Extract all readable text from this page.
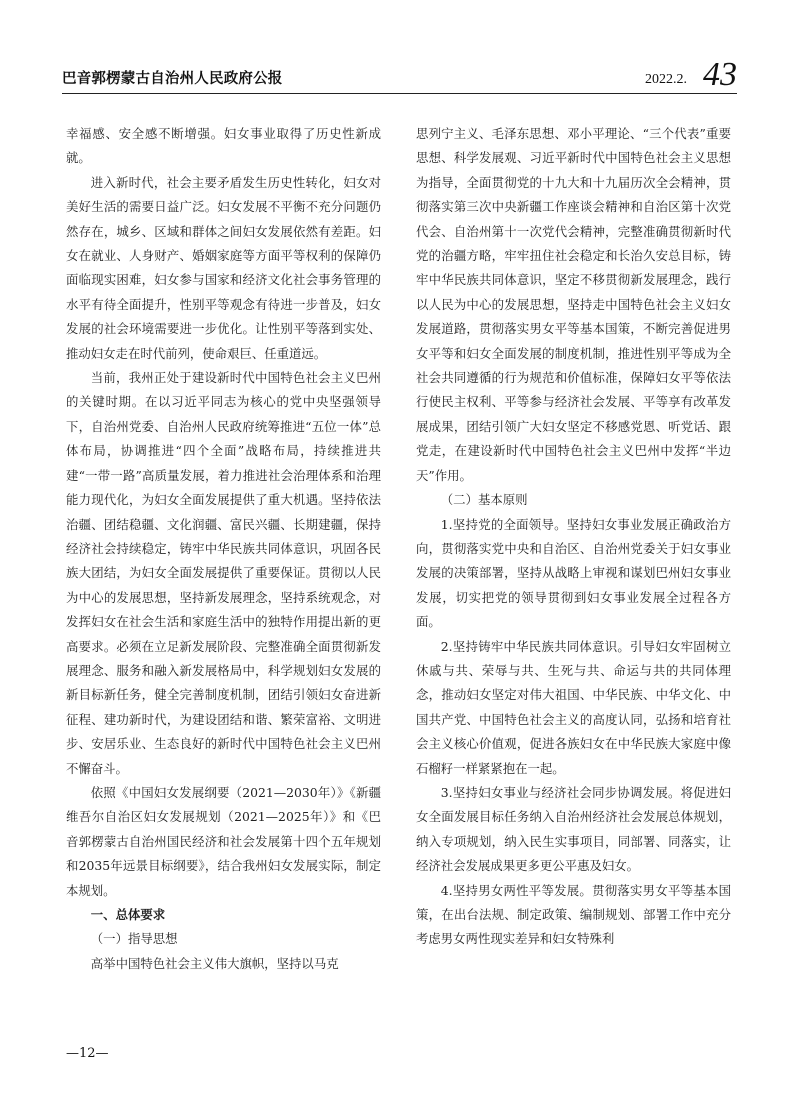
巴音郭楞蒙古自治州人民政府公报	2022.2. 43

幸福感、安全感不断增强。妇女事业取得了历史性新成就。

进入新时代，社会主要矛盾发生历史性转化，妇女对美好生活的需要日益广泛。妇女发展不平衡不充分问题仍然存在，城乡、区域和群体之间妇女发展依然有差距。妇女在就业、人身财产、婚姻家庭等方面平等权利的保障仍面临现实困难，妇女参与国家和经济文化社会事务管理的水平有待全面提升，性别平等观念有待进一步普及，妇女发展的社会环境需要进一步优化。让性别平等落到实处、推动妇女走在时代前列，使命艰巨、任重道远。

当前，我州正处于建设新时代中国特色社会主义巴州的关键时期。在以习近平同志为核心的党中央坚强领导下，自治州党委、自治州人民政府统筹推进“五位一体”总体布局，协调推进“四个全面”战略布局，持续推进共建“一带一路”高质量发展，着力推进社会治理体系和治理能力现代化，为妇女全面发展提供了重大机遇。坚持依法治疆、团结稳疆、文化润疆、富民兴疆、长期建疆，保持经济社会持续稳定，铸牢中华民族共同体意识，巩固各民族大团结，为妇女全面发展提供了重要保证。贯彻以人民为中心的发展思想，坚持新发展理念，坚持系统观念，对发挥妇女在社会生活和家庭生活中的独特作用提出新的更高要求。必须在立足新发展阶段、完整准确全面贯彻新发展理念、服务和融入新发展格局中，科学规划妇女发展的新目标新任务，健全完善制度机制，团结引领妇女奋进新征程、建功新时代，为建设团结和谐、繁荣富裕、文明进步、安居乐业、生态良好的新时代中国特色社会主义巴州不懈奋斗。

依照《中国妇女发展纲要（2021—2030年）》《新疆维吾尔自治区妇女发展规划（2021—2025年）》和《巴音郭楞蒙古自治州国民经济和社会发展第十四个五年规划和2035年远景目标纲要》，结合我州妇女发展实际，制定本规划。

一、总体要求

（一）指导思想

高举中国特色社会主义伟大旗帜，坚持以马克

思列宁主义、毛泽东思想、邓小平理论、“三个代表”重要思想、科学发展观、习近平新时代中国特色社会主义思想为指导，全面贯彻党的十九大和十九届历次全会精神，贯彻落实第三次中央新疆工作座谈会精神和自治区第十次党代会、自治州第十一次党代会精神，完整准确贯彻新时代党的治疆方略，牢牢扭住社会稳定和长治久安总目标，铸牢中华民族共同体意识，坚定不移贯彻新发展理念，践行以人民为中心的发展思想，坚持走中国特色社会主义妇女发展道路，贯彻落实男女平等基本国策，不断完善促进男女平等和妇女全面发展的制度机制，推进性别平等成为全社会共同遵循的行为规范和价值标准，保障妇女平等依法行使民主权利、平等参与经济社会发展、平等享有改革发展成果，团结引领广大妇女坚定不移感党恩、听党话、跟党走，在建设新时代中国特色社会主义巴州中发挥“半边天”作用。

（二）基本原则

1.坚持党的全面领导。坚持妇女事业发展正确政治方向，贯彻落实党中央和自治区、自治州党委关于妇女事业发展的决策部署，坚持从战略上审视和谋划巴州妇女事业发展，切实把党的领导贯彻到妇女事业发展全过程各方面。

2.坚持铸牢中华民族共同体意识。引导妇女牢固树立休戚与共、荣辱与共、生死与共、命运与共的共同体理念，推动妇女坚定对伟大祖国、中华民族、中华文化、中国共产党、中国特色社会主义的高度认同，弘扬和培育社会主义核心价值观，促进各族妇女在中华民族大家庭中像石榴籽一样紧紧抱在一起。

3.坚持妇女事业与经济社会同步协调发展。将促进妇女全面发展目标任务纳入自治州经济社会发展总体规划，纳入专项规划，纳入民生实事项目，同部署、同落实，让经济社会发展成果更多更公平惠及妇女。

4.坚持男女两性平等发展。贯彻落实男女平等基本国策，在出台法规、制定政策、编制规划、部署工作中充分考虑男女两性现实差异和妇女特殊利

—12—
